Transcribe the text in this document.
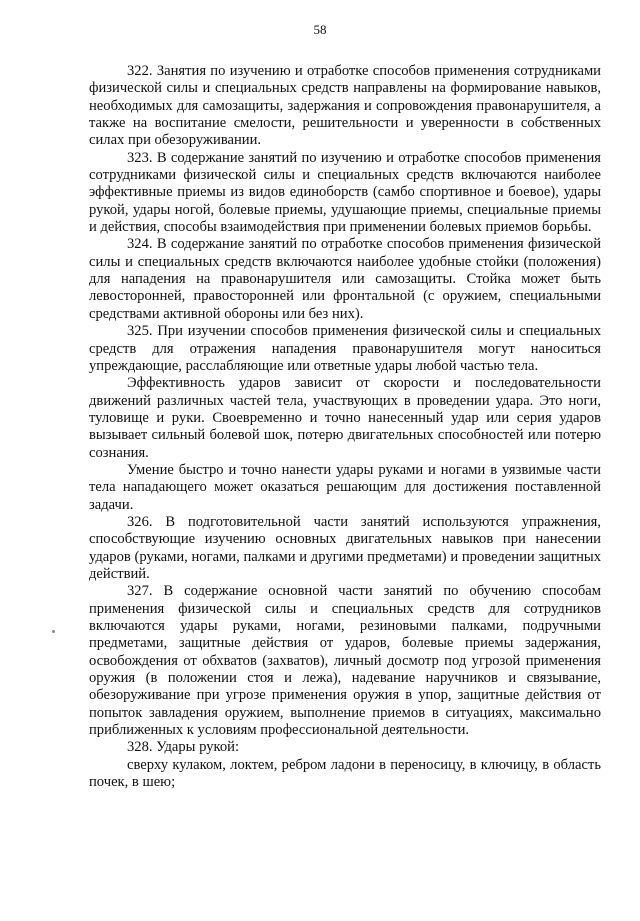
58

322. Занятия по изучению и отработке способов применения сотрудниками физической силы и специальных средств направлены на формирование навыков, необходимых для самозащиты, задержания и сопровождения правонарушителя, а также на воспитание смелости, решительности и уверенности в собственных силах при обезоруживании.

323. В содержание занятий по изучению и отработке способов применения сотрудниками физической силы и специальных средств включаются наиболее эффективные приемы из видов единоборств (самбо спортивное и боевое), удары рукой, удары ногой, болевые приемы, удушающие приемы, специальные приемы и действия, способы взаимодействия при применении болевых приемов борьбы.

324. В содержание занятий по отработке способов применения физической силы и специальных средств включаются наиболее удобные стойки (положения) для нападения на правонарушителя или самозащиты. Стойка может быть левосторонней, правосторонней или фронтальной (с оружием, специальными средствами активной обороны или без них).

325. При изучении способов применения физической силы и специальных средств для отражения нападения правонарушителя могут наноситься упреждающие, расслабляющие или ответные удары любой частью тела.

Эффективность ударов зависит от скорости и последовательности движений различных частей тела, участвующих в проведении удара. Это ноги, туловище и руки. Своевременно и точно нанесенный удар или серия ударов вызывает сильный болевой шок, потерю двигательных способностей или потерю сознания.

Умение быстро и точно нанести удары руками и ногами в уязвимые части тела нападающего может оказаться решающим для достижения поставленной задачи.

326. В подготовительной части занятий используются упражнения, способствующие изучению основных двигательных навыков при нанесении ударов (руками, ногами, палками и другими предметами) и проведении защитных действий.

327. В содержание основной части занятий по обучению способам применения физической силы и специальных средств для сотрудников включаются удары руками, ногами, резиновыми палками, подручными предметами, защитные действия от ударов, болевые приемы задержания, освобождения от обхватов (захватов), личный досмотр под угрозой применения оружия (в положении стоя и лежа), надевание наручников и связывание, обезоруживание при угрозе применения оружия в упор, защитные действия от попыток завладения оружием, выполнение приемов в ситуациях, максимально приближенных к условиям профессиональной деятельности.

328. Удары рукой:

сверху кулаком, локтем, ребром ладони в переносицу, в ключицу, в область почек, в шею;
